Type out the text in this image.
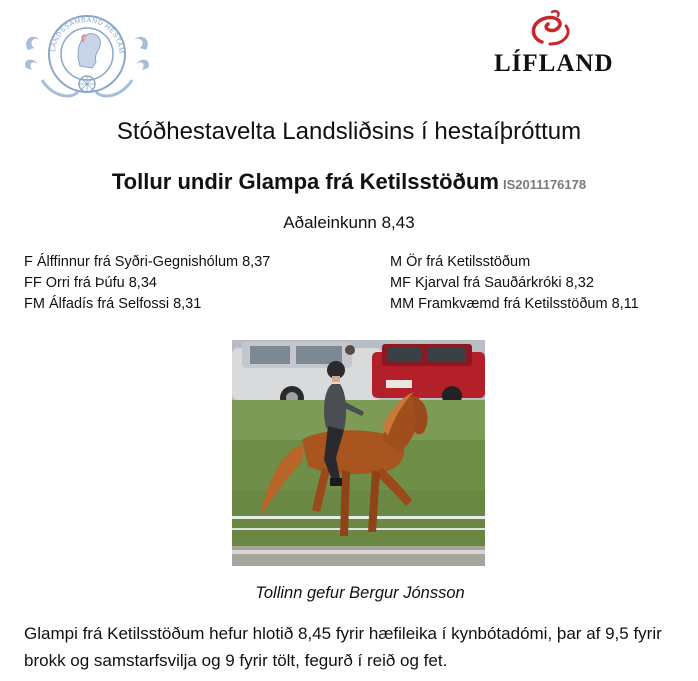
LANDSSAMBAND HESTAM	LÍFLAND
Stóðhestavelta Landsliðsins í hestaíþróttum
Tollur undir Glampa frá Ketilsstöðum IS2011176178
Aðaleinkunn 8,43
F Álffinnur frá Syðri-Gegnishólum 8,37
FF Orri frá Þúfu 8,34
FM Álfadís frá Selfossi 8,31
M Ör frá Ketilsstöðum
MF Kjarval frá Sauðárkróki 8,32
MM Framkvæmd frá Ketilsstöðum 8,11
Tollinn gefur Bergur Jónsson
Glampi frá Ketilsstöðum hefur hlotið 8,45 fyrir hæfileika í kynbótadómi, þar af 9,5 fyrir brokk og samstarfsvilja og 9 fyrir tölt, fegurð í reið og fet.
